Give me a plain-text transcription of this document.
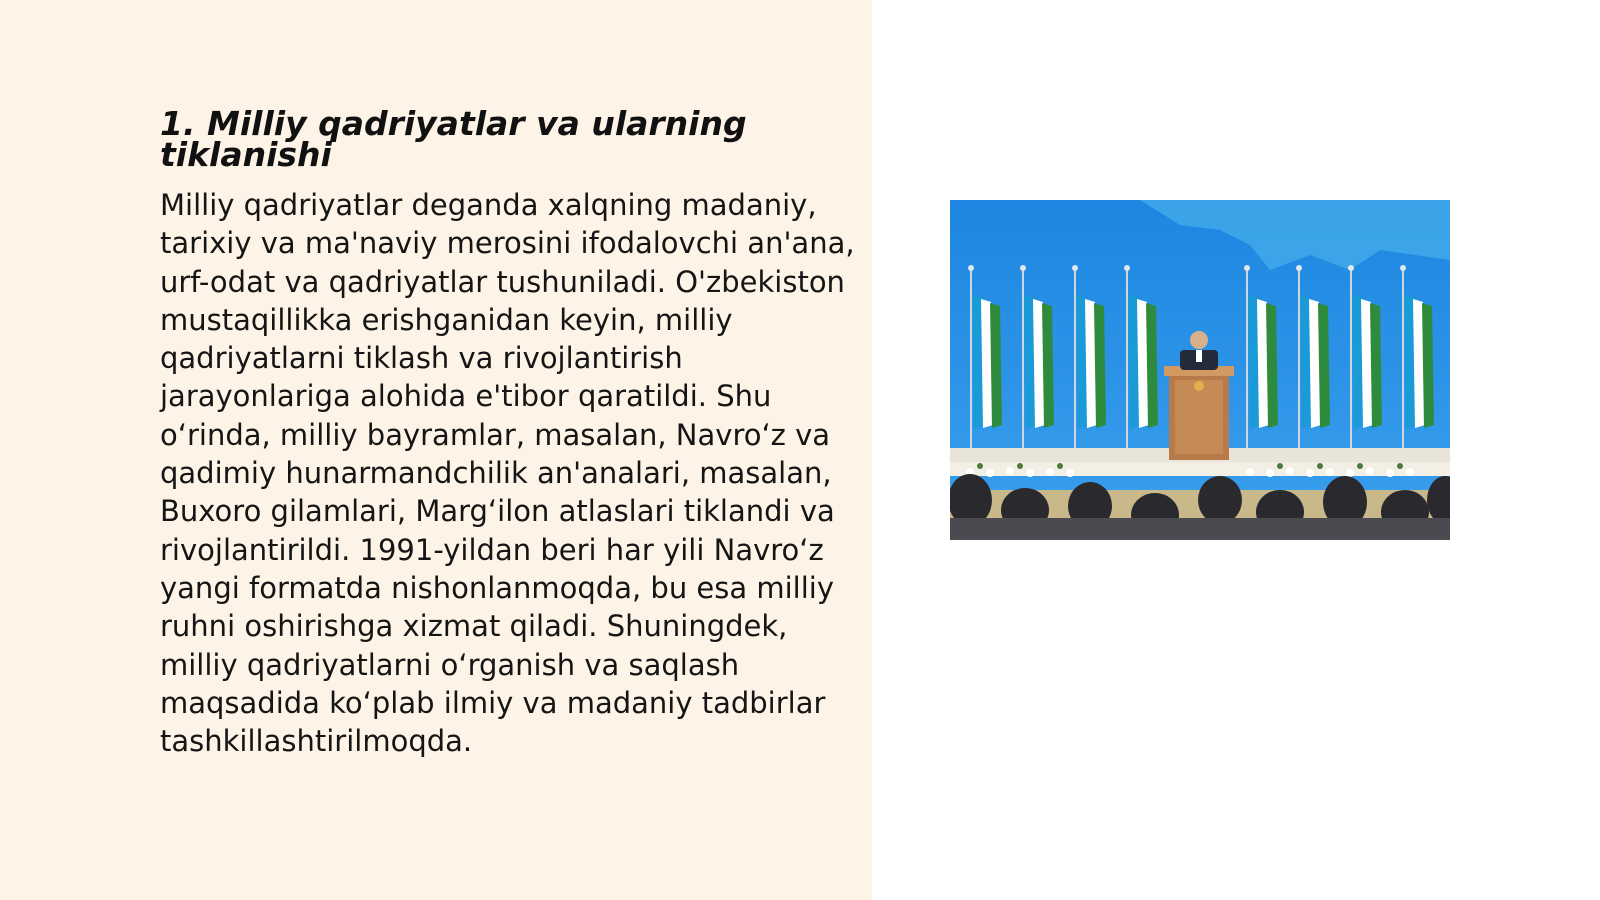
1. Milliy qadriyatlar va ularning tiklanishi

Milliy qadriyatlar deganda xalqning madaniy, tarixiy va ma'naviy merosini ifodalovchi an'ana, urf-odat va qadriyatlar tushuniladi. O'zbekiston mustaqillikka erishganidan keyin, milliy qadriyatlarni tiklash va rivojlantirish jarayonlariga alohida e'tibor qaratildi. Shu o‘rinda, milliy bayramlar, masalan, Navro‘z va qadimiy hunarmandchilik an'analari, masalan, Buxoro gilamlari, Marg‘ilon atlaslari tiklandi va rivojlantirildi. 1991-yildan beri har yili Navro‘z yangi formatda nishonlanmoqda, bu esa milliy ruhni oshirishga xizmat qiladi. Shuningdek, milliy qadriyatlarni o‘rganish va saqlash maqsadida ko‘plab ilmiy va madaniy tadbirlar tashkillashtirilmoqda.
